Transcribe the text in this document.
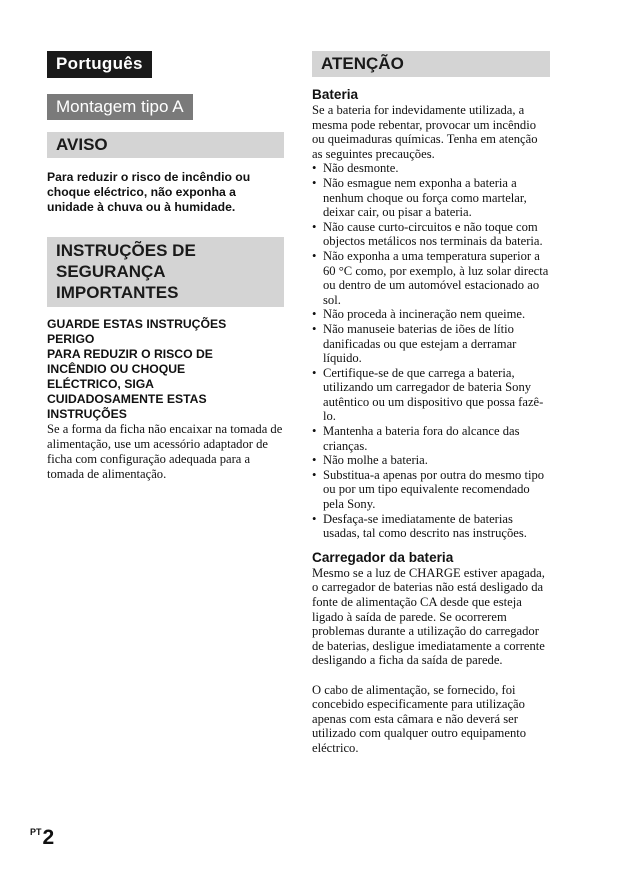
Português
Montagem tipo A
AVISO

Para reduzir o risco de incêndio ou choque eléctrico, não exponha a unidade à chuva ou à humidade.

INSTRUÇÕES DE
SEGURANÇA IMPORTANTES

GUARDE ESTAS INSTRUÇÕES

PERIGO

PARA REDUZIR O RISCO DE

INCÊNDIO OU CHOQUE

ELÉCTRICO, SIGA

CUIDADOSAMENTE ESTAS

INSTRUÇÕES

Se a forma da ficha não encaixar na tomada de alimentação, use um acessório adaptador de ficha com configuração adequada para a tomada de alimentação.

ATENÇÃO

Bateria

Se a bateria for indevidamente utilizada, a mesma pode rebentar, provocar um incêndio ou queimaduras químicas. Tenha em atenção as seguintes precauções.

• Não desmonte.
• Não esmague nem exponha a bateria a nenhum choque ou força como martelar, deixar cair, ou pisar a bateria.
• Não cause curto-circuitos e não toque com objectos metálicos nos terminais da bateria.
• Não exponha a uma temperatura superior a 60 °C como, por exemplo, à luz solar directa ou dentro de um automóvel estacionado ao sol.
• Não proceda à incineração nem queime.
• Não manuseie baterias de iões de lítio danificadas ou que estejam a derramar líquido.
• Certifique-se de que carrega a bateria, utilizando um carregador de bateria Sony autêntico ou um dispositivo que possa fazê-lo.
• Mantenha a bateria fora do alcance das crianças.
• Não molhe a bateria.
• Substitua-a apenas por outra do mesmo tipo ou por um tipo equivalente recomendado pela Sony.
• Desfaça-se imediatamente de baterias usadas, tal como descrito nas instruções.

Carregador da bateria

Mesmo se a luz de CHARGE estiver apagada, o carregador de baterias não está desligado da fonte de alimentação CA desde que esteja ligado à saída de parede. Se ocorrerem problemas durante a utilização do carregador de baterias, desligue imediatamente a corrente desligando a ficha da saída de parede.

O cabo de alimentação, se fornecido, foi concebido especificamente para utilização apenas com esta câmara e não deverá ser utilizado com qualquer outro equipamento eléctrico.

$^{PT}$2
